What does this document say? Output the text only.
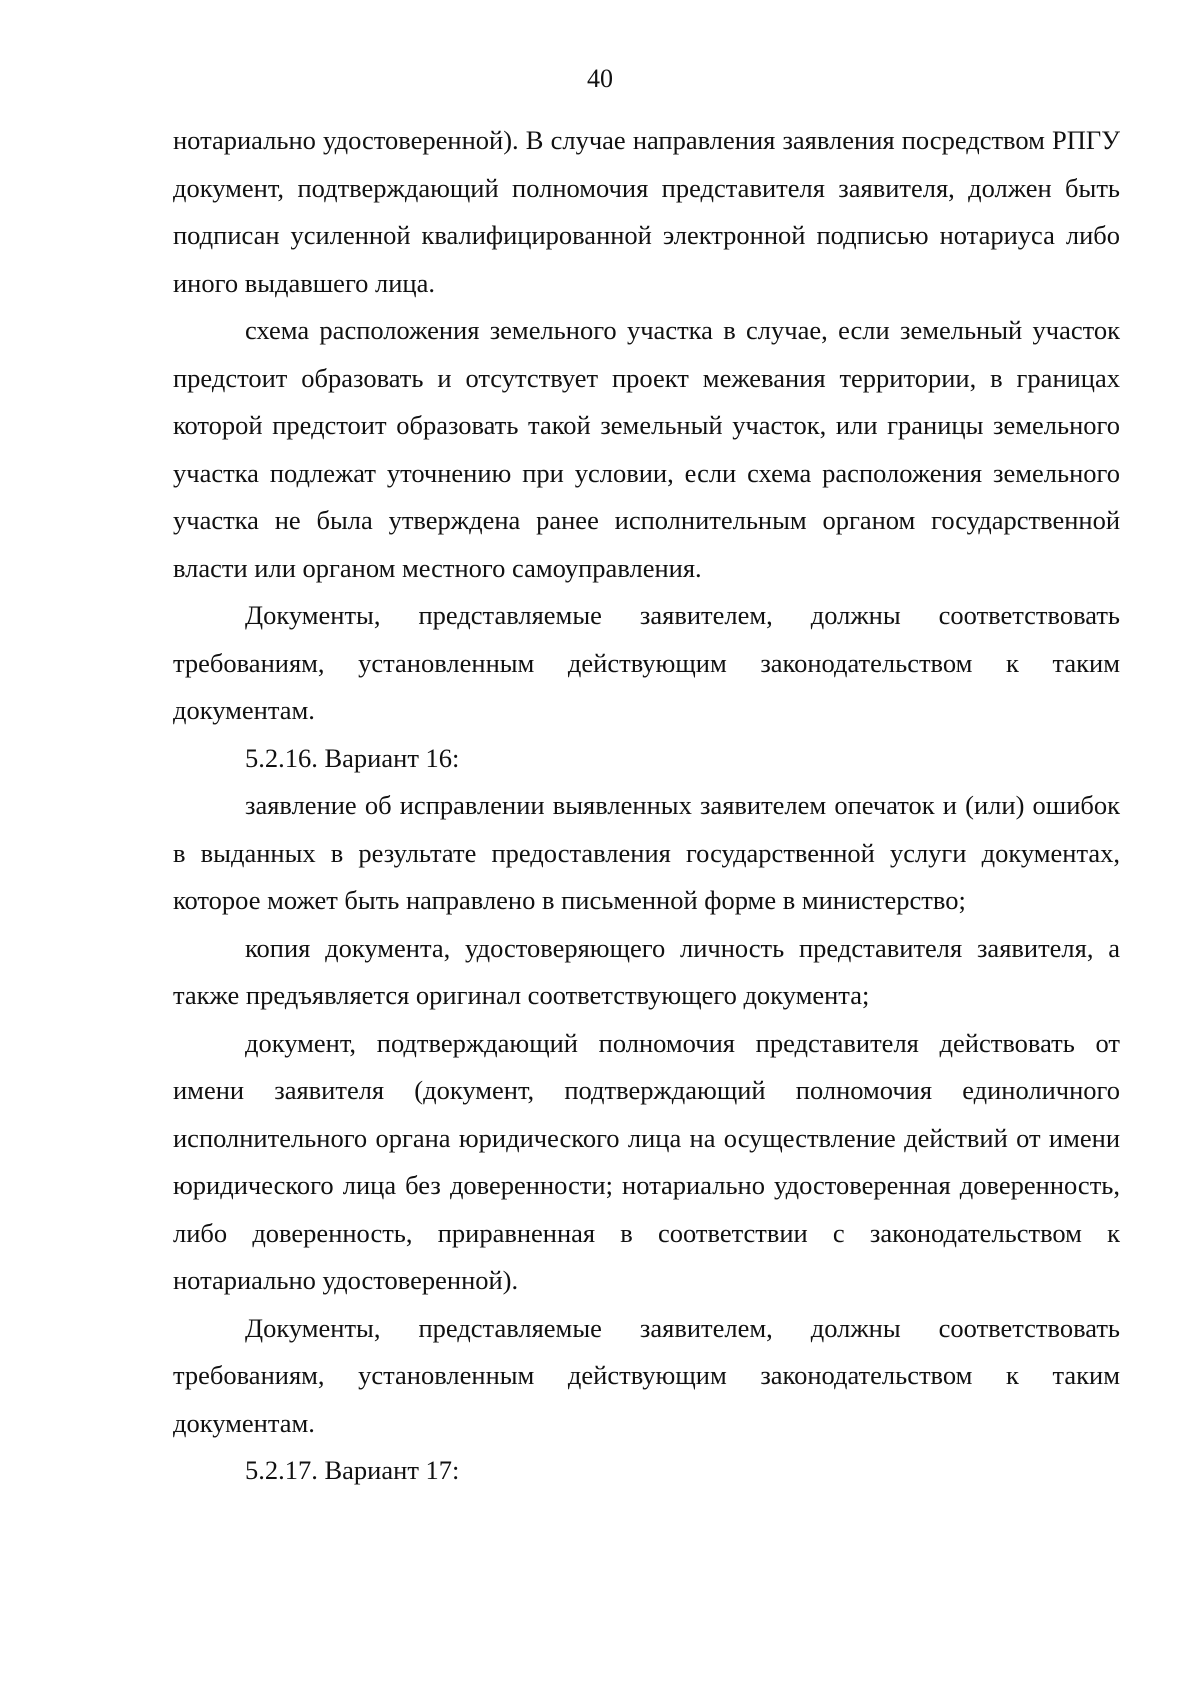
40

нотариально удостоверенной). В случае направления заявления посредством РПГУ документ, подтверждающий полномочия представителя заявителя, должен быть подписан усиленной квалифицированной электронной подписью нотариуса либо иного выдавшего лица.

схема расположения земельного участка в случае, если земельный участок предстоит образовать и отсутствует проект межевания территории, в границах которой предстоит образовать такой земельный участок, или границы земельного участка подлежат уточнению при условии, если схема расположения земельного участка не была утверждена ранее исполнительным органом государственной власти или органом местного самоуправления.

Документы, представляемые заявителем, должны соответствовать требованиям, установленным действующим законодательством к таким документам.

5.2.16. Вариант 16:

заявление об исправлении выявленных заявителем опечаток и (или) ошибок в выданных в результате предоставления государственной услуги документах, которое может быть направлено в письменной форме в министерство;

копия документа, удостоверяющего личность представителя заявителя, а также предъявляется оригинал соответствующего документа;

документ, подтверждающий полномочия представителя действовать от имени заявителя (документ, подтверждающий полномочия единоличного исполнительного органа юридического лица на осуществление действий от имени юридического лица без доверенности; нотариально удостоверенная доверенность, либо доверенность, приравненная в соответствии с законодательством к нотариально удостоверенной).

Документы, представляемые заявителем, должны соответствовать требованиям, установленным действующим законодательством к таким документам.

5.2.17. Вариант 17:
